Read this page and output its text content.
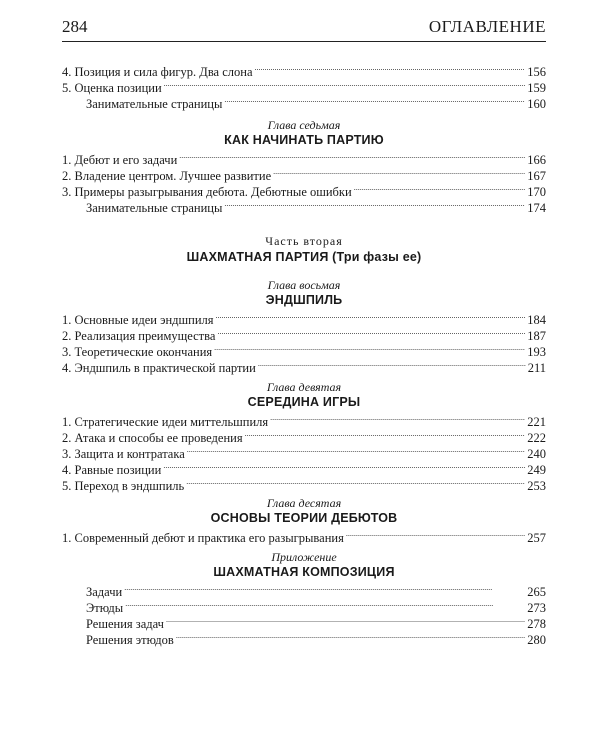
284	ОГЛАВЛЕНИЕ
4. Позиция и сила фигур. Два слона . . .	156
5. Оценка позиции . . .	159
Занимательные страницы . . .	160
Глава седьмая
КАК НАЧИНАТЬ ПАРТИЮ
1. Дебют и его задачи . . .	166
2. Владение центром. Лучшее развитие . . .	167
3. Примеры разыгрывания дебюта. Дебютные ошибки . . .	170
Занимательные страницы . . .	174
Часть вторая
ШАХМАТНАЯ ПАРТИЯ (Три фазы ее)
Глава восьмая
ЭНДШПИЛЬ
1. Основные идеи эндшпиля . . .	184
2. Реализация преимущества . . .	187
3. Теоретические окончания . . .	193
4. Эндшпиль в практической партии . . .	211
Глава девятая
СЕРЕДИНА ИГРЫ
1. Стратегические идеи миттельшпиля . . .	221
2. Атака и способы ее проведения . . .	222
3. Защита и контратака . . .	240
4. Равные позиции . . .	249
5. Переход в эндшпиль . . .	253
Глава десятая
ОСНОВЫ ТЕОРИИ ДЕБЮТОВ
1. Современный дебют и практика его разыгрывания . . .	257
Приложение
ШАХМАТНАЯ КОМПОЗИЦИЯ
Задачи . . .	265
Этюды . . .	273
Решения задач . . .	278
Решения этюдов . . .	280
